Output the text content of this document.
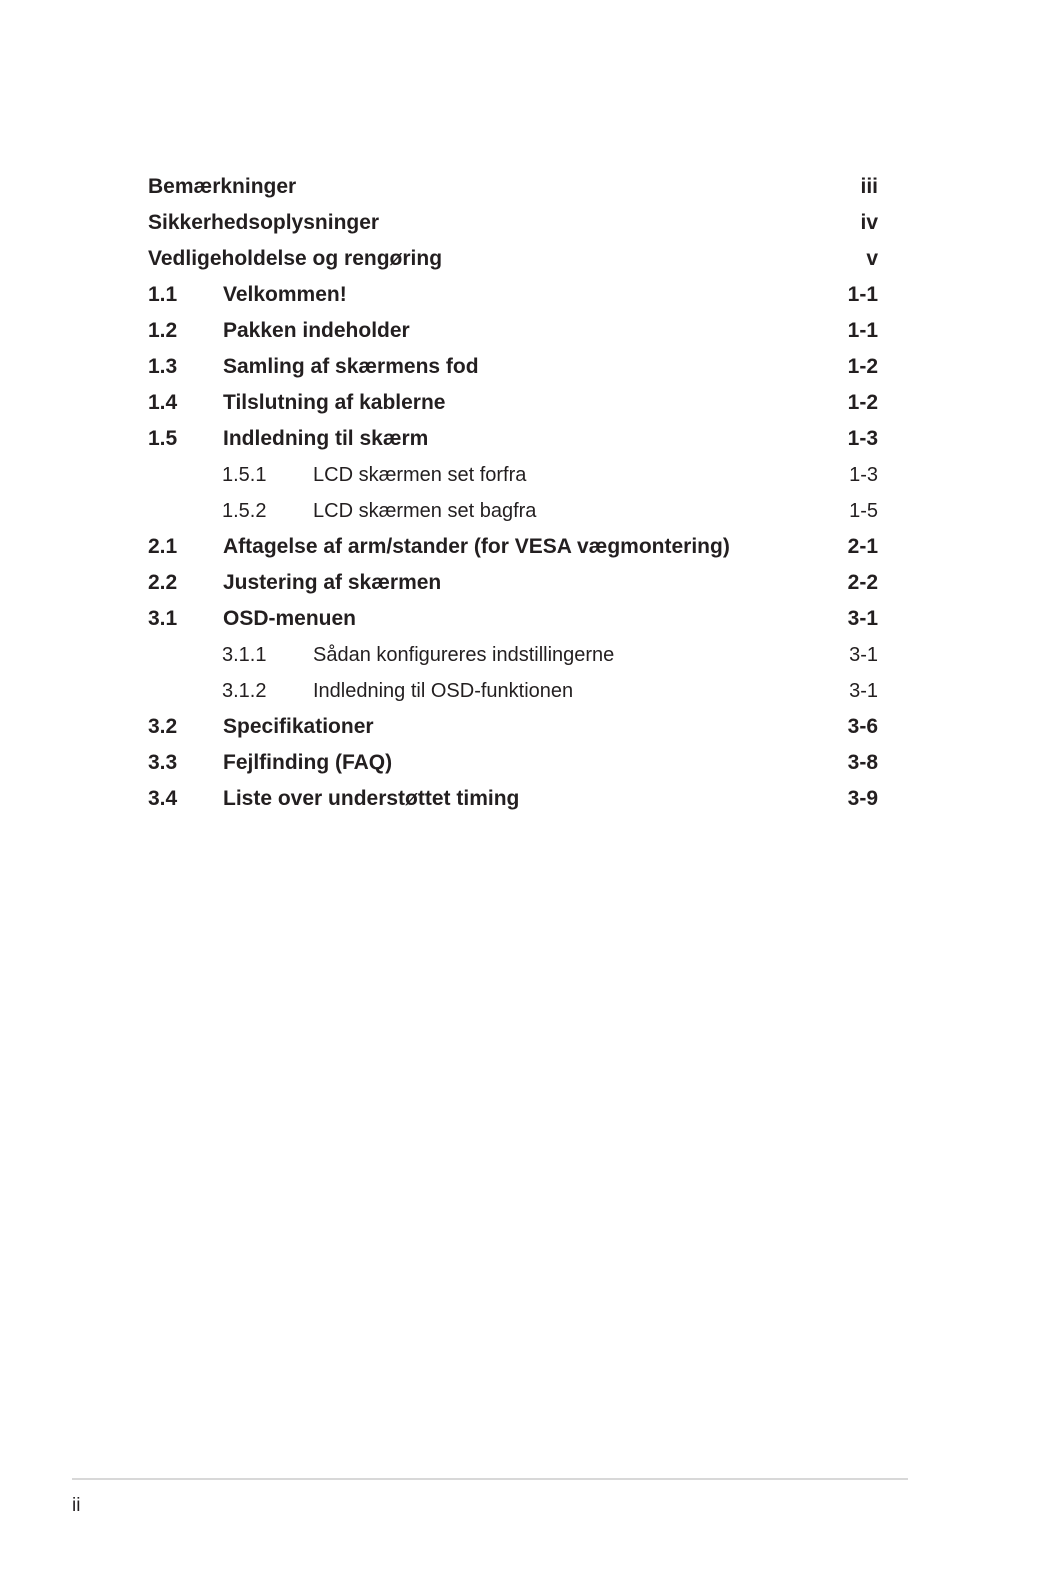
Bemærkninger	iii
Sikkerhedsoplysninger	iv
Vedligeholdelse og rengøring	v
1.1	Velkommen!	1-1
1.2	Pakken indeholder	1-1
1.3	Samling af skærmens fod	1-2
1.4	Tilslutning af kablerne	1-2
1.5	Indledning til skærm	1-3
1.5.1	LCD skærmen set forfra	1-3
1.5.2	LCD skærmen set bagfra	1-5
2.1	Aftagelse af arm/stander (for VESA vægmontering)	2-1
2.2	Justering af skærmen	2-2
3.1	OSD-menuen	3-1
3.1.1	Sådan konfigureres indstillingerne	3-1
3.1.2	Indledning til OSD-funktionen	3-1
3.2	Specifikationer	3-6
3.3	Fejlfinding (FAQ)	3-8
3.4	Liste over understøttet timing	3-9
ii
